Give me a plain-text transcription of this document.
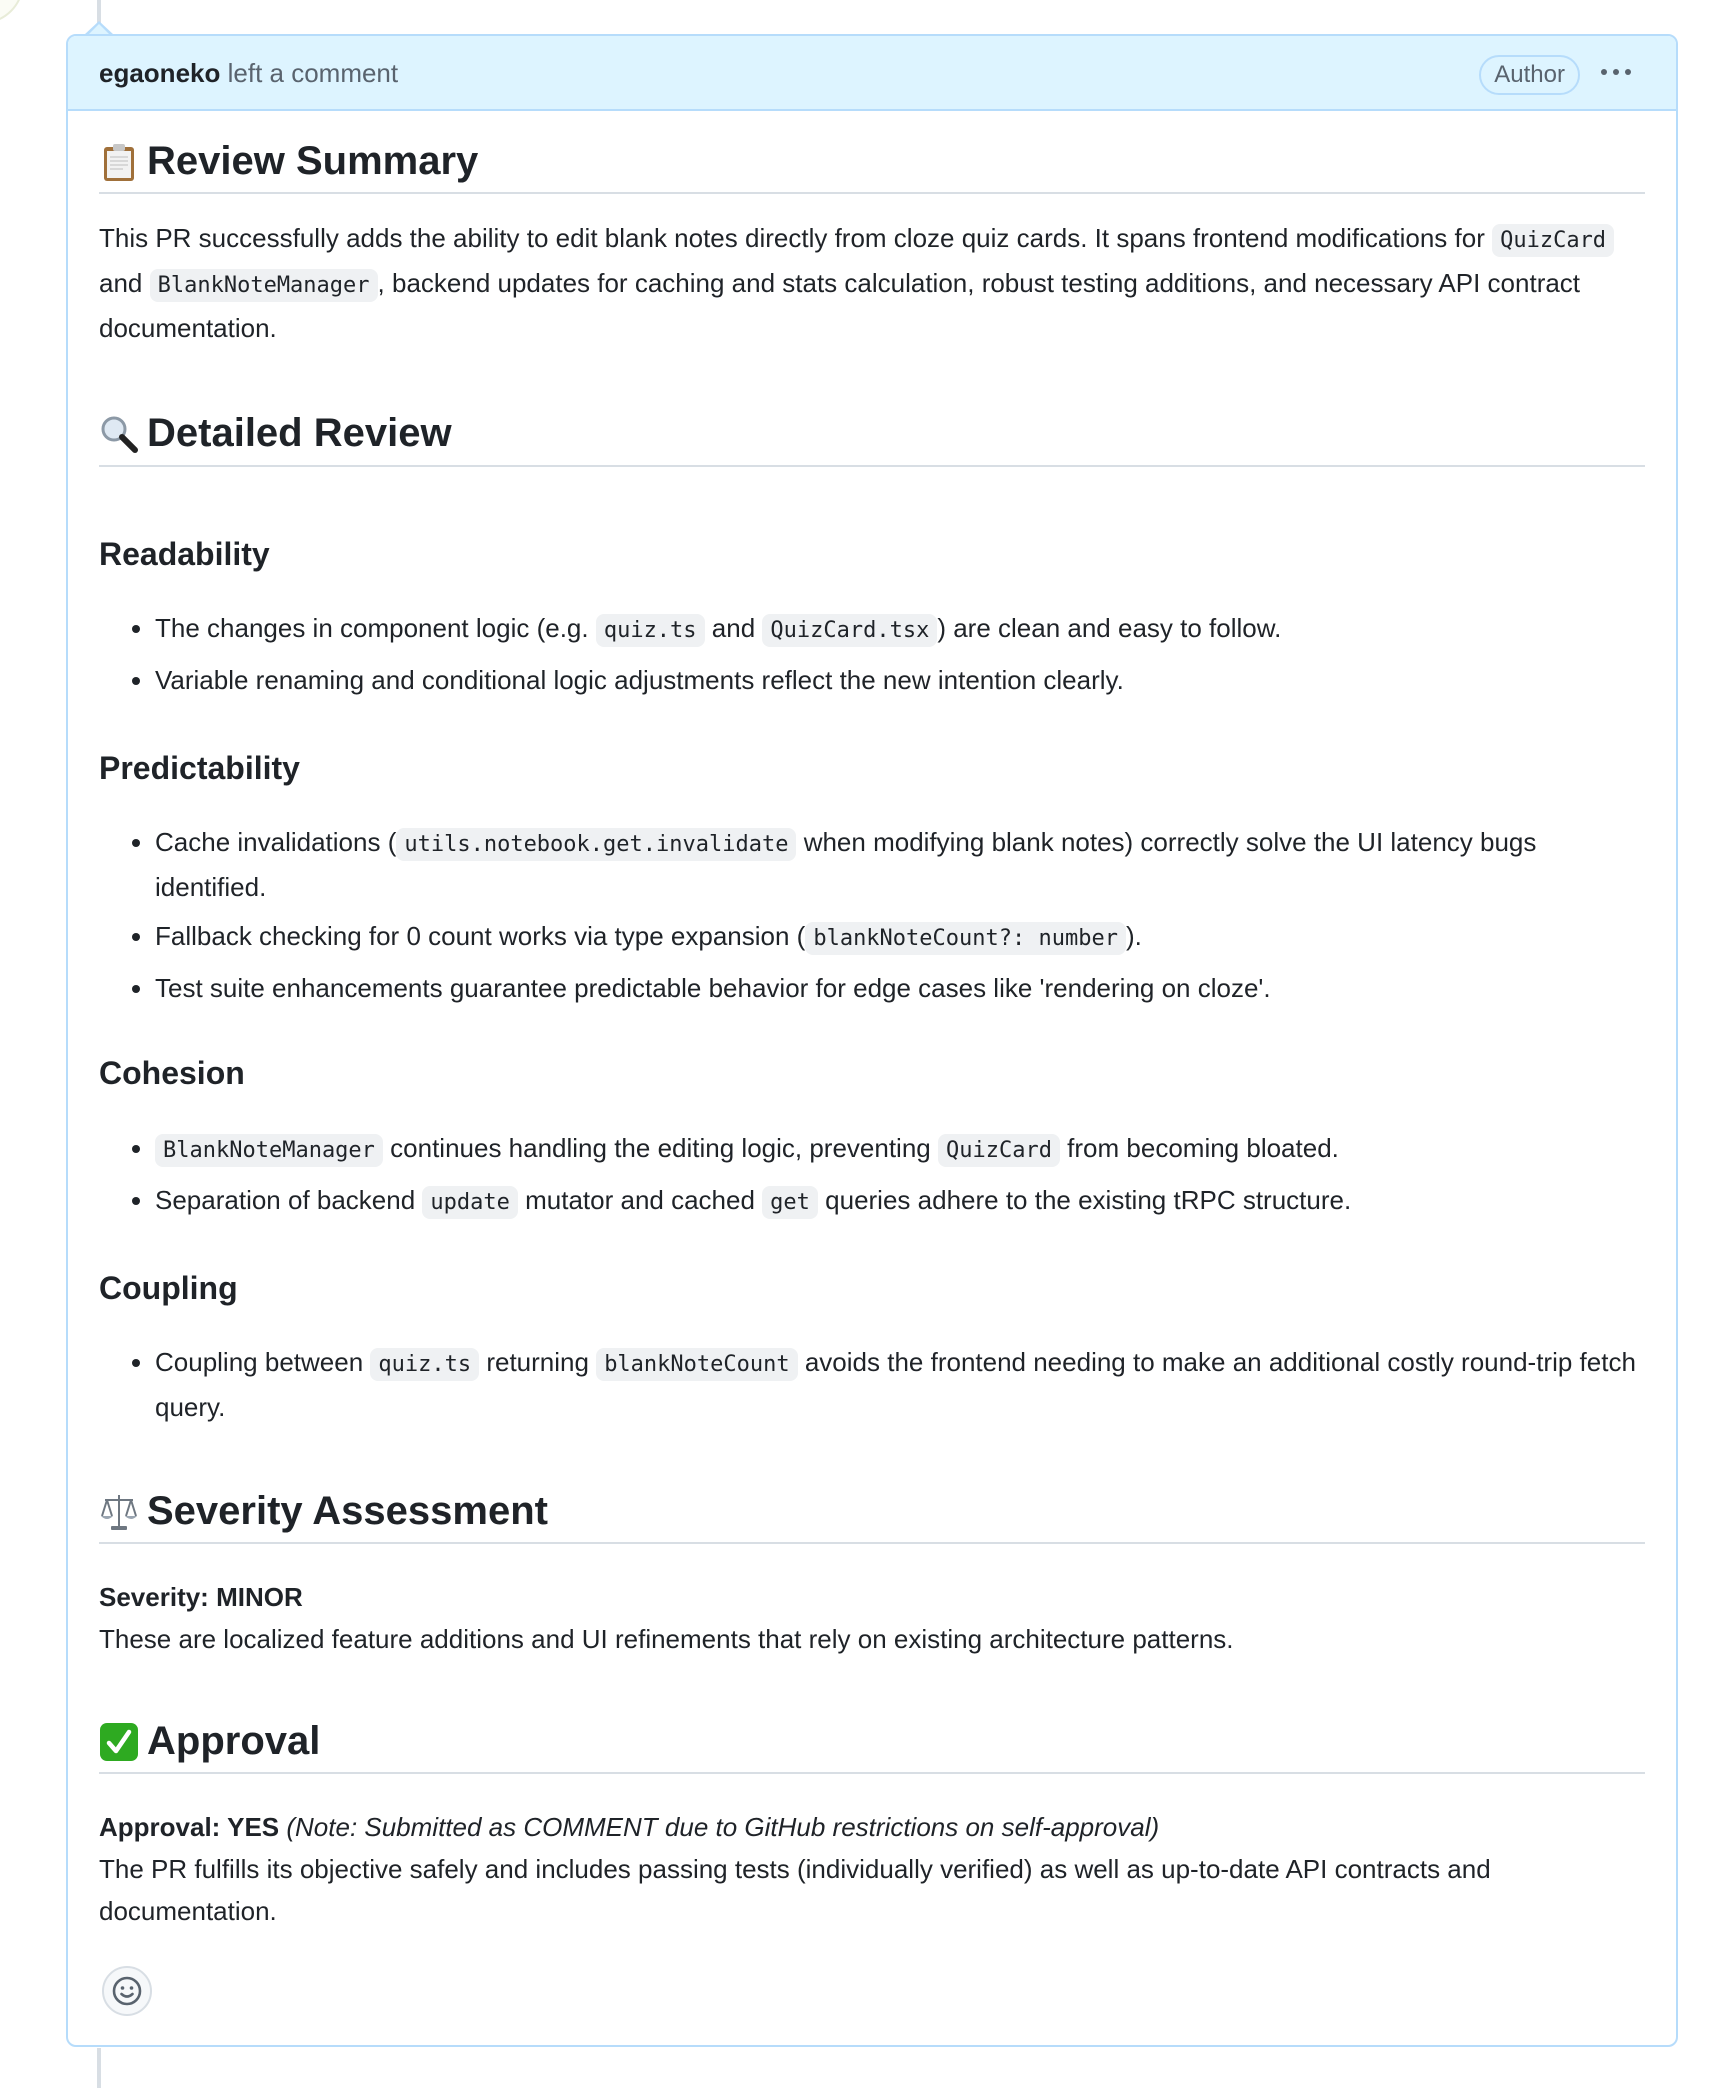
egaoneko left a comment	Author
Review Summary

This PR successfully adds the ability to edit blank notes directly from cloze quiz cards. It spans frontend modifications for QuizCard and BlankNoteManager , backend updates for caching and stats calculation, robust testing additions, and necessary API contract documentation.

Detailed Review
Readability
• The changes in component logic (e.g. quiz.ts and QuizCard.tsx ) are clean and easy to follow.
• Variable renaming and conditional logic adjustments reflect the new intention clearly.
Predictability
• Cache invalidations ( utils.notebook.get.invalidate when modifying blank notes) correctly solve the UI latency bugs identified.
• Fallback checking for 0 count works via type expansion ( blankNoteCount?: number ).
• Test suite enhancements guarantee predictable behavior for edge cases like 'rendering on cloze'.
Cohesion
• BlankNoteManager continues handling the editing logic, preventing QuizCard from becoming bloated.
• Separation of backend update mutator and cached get queries adhere to the existing tRPC structure.
Coupling
• Coupling between quiz.ts returning blankNoteCount avoids the frontend needing to make an additional costly round-trip fetch query.
Severity Assessment

Severity: MINOR
These are localized feature additions and UI refinements that rely on existing architecture patterns.

Approval

Approval: YES (Note: Submitted as COMMENT due to GitHub restrictions on self-approval)
The PR fulfills its objective safely and includes passing tests (individually verified) as well as up-to-date API contracts and documentation.
